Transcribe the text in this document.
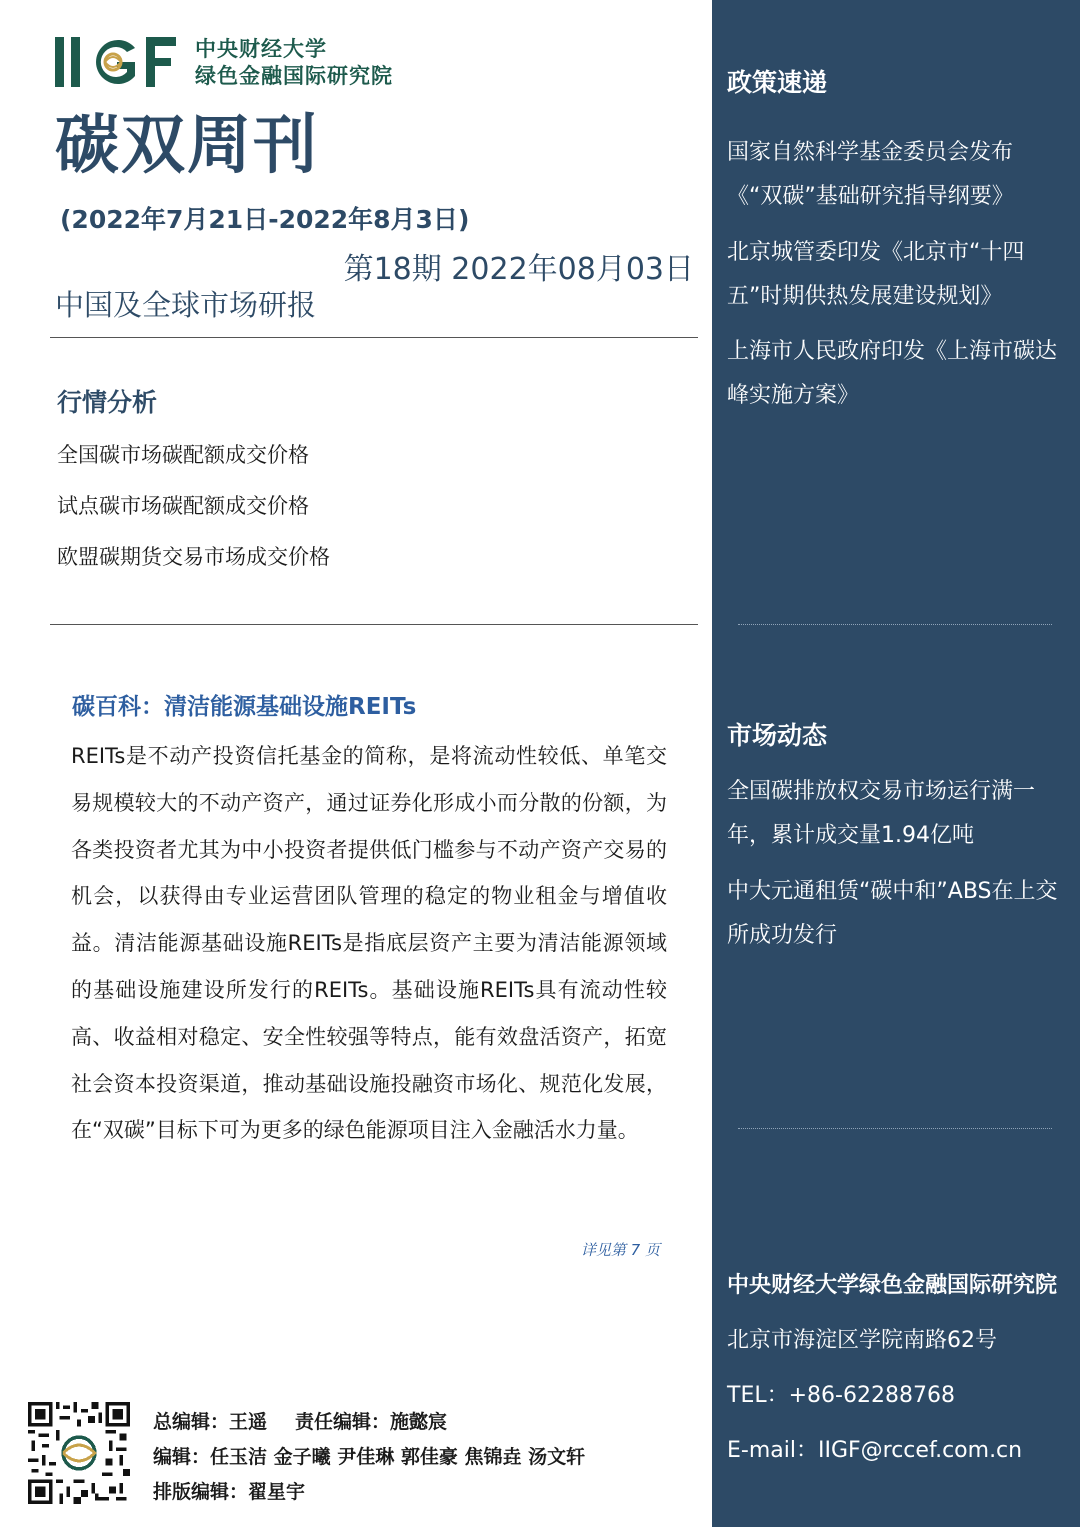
中央财经大学
绿色金融国际研究院
碳双周刊
(2022年7月21日-2022年8月3日)
第18期 2022年08月03日
中国及全球市场研报
行情分析
全国碳市场碳配额成交价格
试点碳市场碳配额成交价格
欧盟碳期货交易市场成交价格
碳百科：清洁能源基础设施REITs
REITs是不动产投资信托基金的简称，是将流动性较低、单笔交易规模较大的不动产资产，通过证券化形成小而分散的份额，为各类投资者尤其为中小投资者提供低门槛参与不动产资产交易的机会，以获得由专业运营团队管理的稳定的物业租金与增值收益。清洁能源基础设施REITs是指底层资产主要为清洁能源领域的基础设施建设所发行的REITs。基础设施REITs具有流动性较高、收益相对稳定、安全性较强等特点，能有效盘活资产，拓宽社会资本投资渠道，推动基础设施投融资市场化、规范化发展，在“双碳”目标下可为更多的绿色能源项目注入金融活水力量。
详见第 7 页
总编辑：王遥 责任编辑：施懿宸
编辑：任玉洁 金子曦 尹佳琳 郭佳豪 焦锦垚 汤文轩
排版编辑：翟星宇
政策速递
国家自然科学基金委员会发布《“双碳”基础研究指导纲要》
北京城管委印发《北京市“十四五”时期供热发展建设规划》
上海市人民政府印发《上海市碳达峰实施方案》
市场动态
全国碳排放权交易市场运行满一年，累计成交量1.94亿吨
中大元通租赁“碳中和”ABS在上交所成功发行
中央财经大学绿色金融国际研究院
北京市海淀区学院南路62号
TEL：+86-62288768
E-mail：IIGF@rccef.com.cn
